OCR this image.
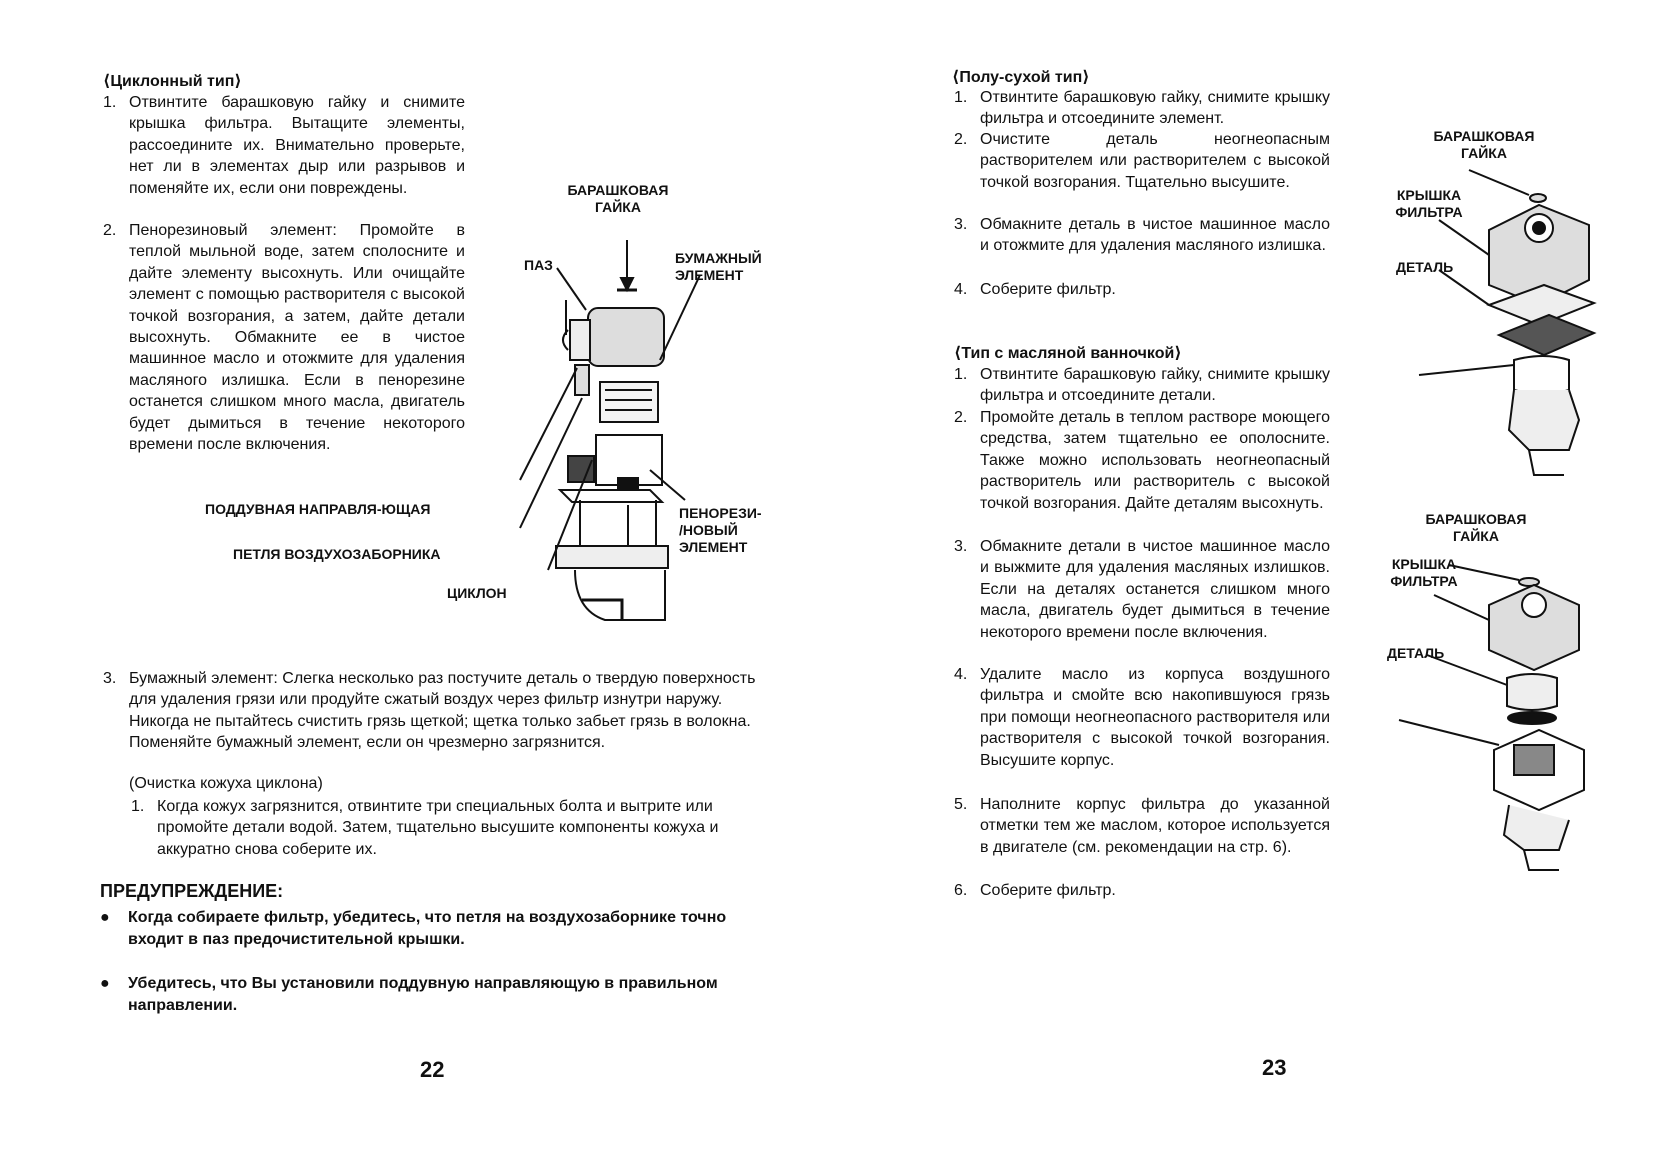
⟨Циклонный тип⟩
1. Отвинтите барашковую гайку и снимите крышка фильтра. Вытащите элементы, рассоедините их. Внимательно проверьте, нет ли в элементах дыр или разрывов и поменяйте их, если они повреждены.
2. Пенорезиновый элемент: Промойте в теплой мыльной воде, затем сполосните и дайте элементу высохнуть. Или очищайте элемент с помощью растворителя с высокой точкой возгорания, а затем, дайте детали высохнуть. Обмакните ее в чистое машинное масло и отожмите для удаления масляного излишка. Если в пенорезине останется слишком много масла, двигатель будет дымиться в течение некоторого времени после включения.
БАРАШКОВАЯ ГАЙКА
ПАЗ	БУМАЖНЫЙ ЭЛЕМЕНТ
ПОДДУВНАЯ НАПРАВЛЯ-ЮЩАЯ
ПЕТЛЯ ВОЗДУХОЗАБОРНИКА
ЦИКЛОН
ПЕНОРЕЗИ- /НОВЫЙ ЭЛЕМЕНТ
3. Бумажный элемент: Слегка несколько раз постучите деталь о твердую поверхность для удаления грязи или продуйте сжатый воздух через фильтр изнутри наружу. Никогда не пытайтесь счистить грязь щеткой; щетка только забьет грязь в волокна. Поменяйте бумажный элемент, если он чрезмерно загрязнится.
(Очистка кожуха циклона)
1. Когда кожух загрязнится, отвинтите три специальных болта и вытрите или промойте детали водой. Затем, тщательно высушите компоненты кожуха и аккуратно снова соберите их.
ПРЕДУПРЕЖДЕНИЕ:
● Когда собираете фильтр, убедитесь, что петля на воздухозаборнике точно входит в паз предочистительной крышки.
● Убедитесь, что Вы установили поддувную направляющую в правильном направлении.
22
⟨Полу-сухой тип⟩
1. Отвинтите барашковую гайку, снимите крышку фильтра и отсоедините элемент.
2. Очистите деталь неогнеопасным растворителем или растворителем с высокой точкой возгорания. Тщательно высушите.
3. Обмакните деталь в чистое машинное масло и отожмите для удаления масляного излишка.
4. Соберите фильтр.
⟨Тип с масляной ванночкой⟩
1. Отвинтите барашковую гайку, снимите крышку фильтра и отсоедините детали.
2. Промойте деталь в теплом растворе моющего средства, затем тщательно ее ополосните. Также можно использовать неогнеопасный растворитель или растворитель с высокой точкой возгорания. Дайте деталям высохнуть.
3. Обмакните детали в чистое машинное масло и выжмите для удаления масляных излишков. Если на деталях останется слишком много масла, двигатель будет дымиться в течение некоторого времени после включения.
4. Удалите масло из корпуса воздушного фильтра и смойте всю накопившуюся грязь при помощи неогнеопасного растворителя или растворителя с высокой точкой возгорания. Высушите корпус.
5. Наполните корпус фильтра до указанной отметки тем же маслом, которое используется в двигателе (см. рекомендации на стр. 6).
6. Соберите фильтр.
БАРАШКОВАЯ ГАЙКА
КРЫШКА ФИЛЬТРА
ДЕТАЛЬ
БАРАШКОВАЯ ГАЙКА
КРЫШКА ФИЛЬТРА
ДЕТАЛЬ
23
